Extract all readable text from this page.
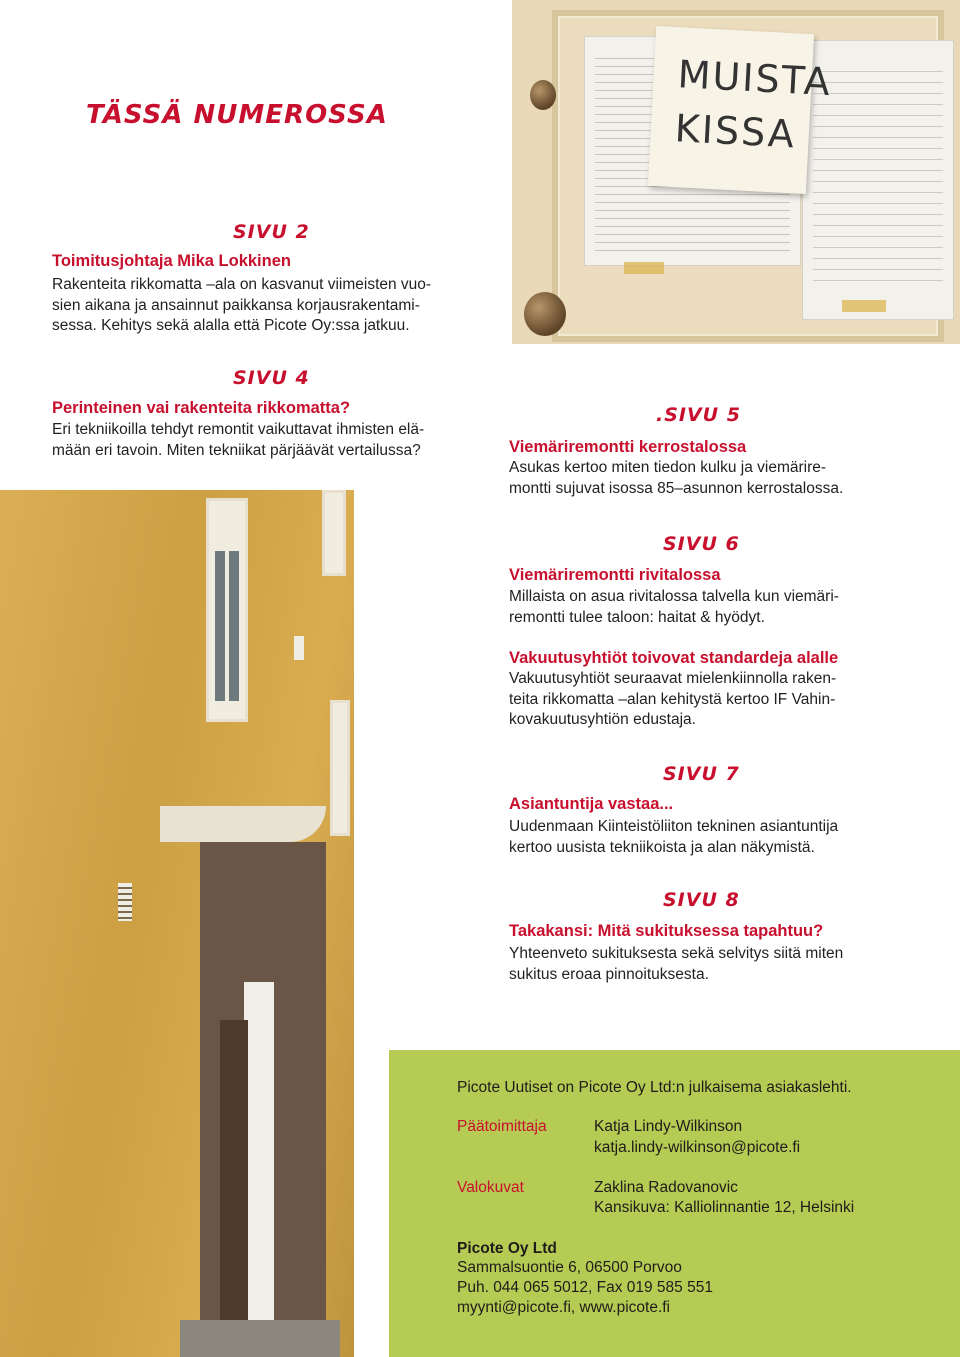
MUISTA
KISSA
TÄSSÄ NUMEROSSA
SIVU 2
Toimitusjohtaja Mika Lokkinen
Rakenteita rikkomatta –ala on kasvanut viimeisten vuo-
sien aikana ja ansainnut paikkansa korjausrakentami-
sessa. Kehitys sekä alalla että Picote Oy:ssa jatkuu.
SIVU 4
Perinteinen vai rakenteita rikkomatta?
Eri tekniikoilla tehdyt remontit vaikuttavat ihmisten elä-
mään eri tavoin. Miten tekniikat pärjäävät vertailussa?
.SIVU 5
Viemäriremontti kerrostalossa
Asukas kertoo miten tiedon kulku ja viemärire-
montti sujuvat isossa 85–asunnon kerrostalossa.
SIVU 6
Viemäriremontti rivitalossa
Millaista on asua rivitalossa talvella kun viemäri-
remontti tulee taloon: haitat & hyödyt.
Vakuutusyhtiöt toivovat standardeja alalle
Vakuutusyhtiöt seuraavat mielenkiinnolla raken-
teita rikkomatta –alan kehitystä kertoo IF Vahin-
kovakuutusyhtiön edustaja.
SIVU 7
Asiantuntija vastaa...
Uudenmaan Kiinteistöliiton tekninen asiantuntija
kertoo uusista tekniikoista ja alan näkymistä.
SIVU 8
Takakansi: Mitä sukituksessa tapahtuu?
Yhteenveto sukituksesta sekä selvitys siitä miten
sukitus eroaa pinnoituksesta.
Picote Uutiset on Picote Oy Ltd:n julkaisema asiakaslehti.
Päätoimittaja	Katja Lindy-Wilkinson
katja.lindy-wilkinson@picote.fi
Valokuvat	Zaklina Radovanovic
Kansikuva: Kalliolinnantie 12, Helsinki
Picote Oy Ltd
Sammalsuontie 6, 06500 Porvoo
Puh. 044 065 5012, Fax 019 585 551
myynti@picote.fi, www.picote.fi
